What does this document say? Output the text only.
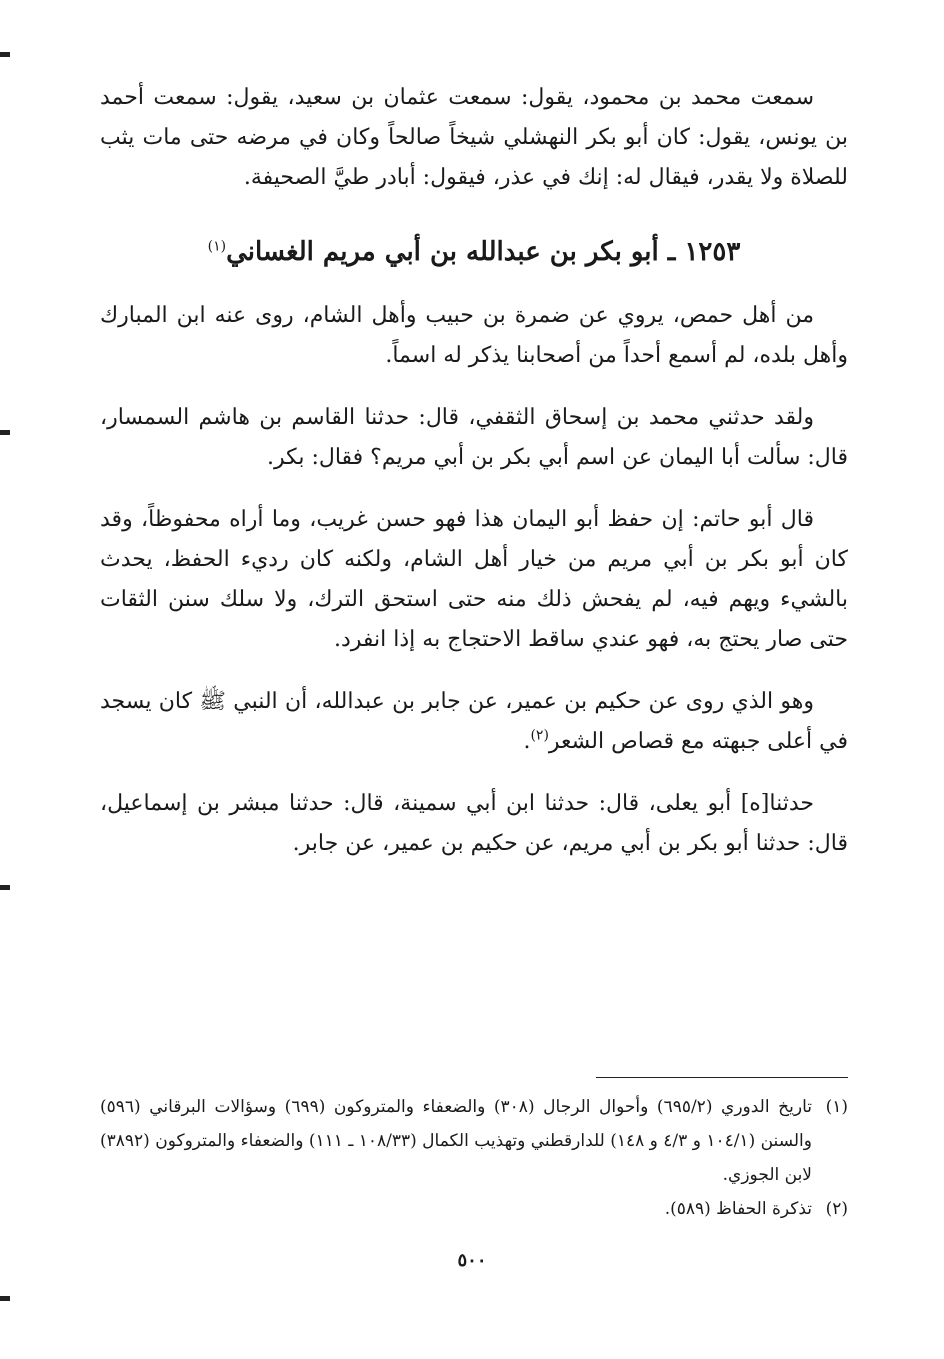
سمعت محمد بن محمود، يقول: سمعت عثمان بن سعيد، يقول: سمعت أحمد بن يونس، يقول: كان أبو بكر النهشلي شيخاً صالحاً وكان في مرضه حتى مات يثب للصلاة ولا يقدر، فيقال له: إنك في عذر، فيقول: أبادر طيَّ الصحيفة.

١٢٥٣ ـ أبو بكر بن عبدالله بن أبي مريم الغساني$^{(١)}$

من أهل حمص، يروي عن ضمرة بن حبيب وأهل الشام، روى عنه ابن المبارك وأهل بلده، لم أسمع أحداً من أصحابنا يذكر له اسماً.

ولقد حدثني محمد بن إسحاق الثقفي، قال: حدثنا القاسم بن هاشم السمسار، قال: سألت أبا اليمان عن اسم أبي بكر بن أبي مريم؟ فقال: بكر.

قال أبو حاتم: إن حفظ أبو اليمان هذا فهو حسن غريب، وما أراه محفوظاً، وقد كان أبو بكر بن أبي مريم من خيار أهل الشام، ولكنه كان رديء الحفظ، يحدث بالشيء ويهم فيه، لم يفحش ذلك منه حتى استحق الترك، ولا سلك سنن الثقات حتى صار يحتج به، فهو عندي ساقط الاحتجاج به إذا انفرد.

وهو الذي روى عن حكيم بن عمير، عن جابر بن عبدالله، أن النبي ﷺ كان يسجد في أعلى جبهته مع قصاص الشعر$^{(٢)}$.

حدثنا[ه] أبو يعلى، قال: حدثنا ابن أبي سمينة، قال: حدثنا مبشر بن إسماعيل، قال: حدثنا أبو بكر بن أبي مريم، عن حكيم بن عمير، عن جابر.

(١)
تاريخ الدوري (٦٩٥/٢) وأحوال الرجال (٣٠٨) والضعفاء والمتروكون (٦٩٩) وسؤالات البرقاني (٥٩٦) والسنن (١٠٤/١ و ٤/٣ و ١٤٨) للدارقطني وتهذيب الكمال (١٠٨/٣٣ ـ ١١١) والضعفاء والمتروكون (٣٨٩٢) لابن الجوزي.
(٢)
تذكرة الحفاظ (٥٨٩).
٥٠٠
